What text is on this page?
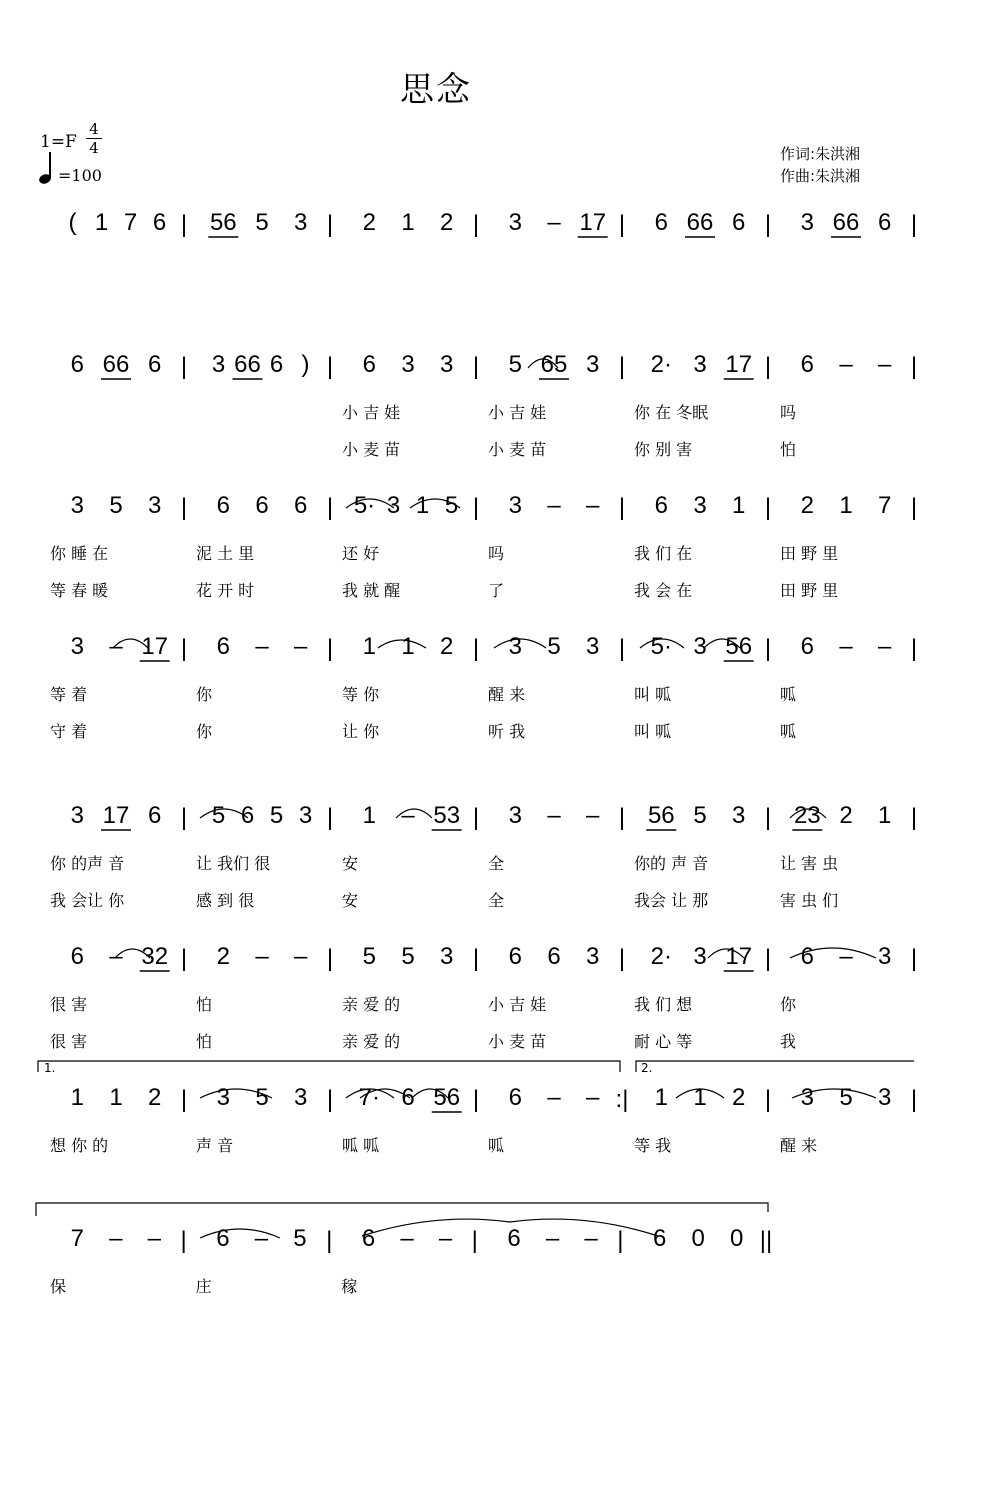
思念
$1=F \frac{4}{4}$
=100
作词:朱洪湘
作曲:朱洪湘
1.	2.
( 1 7 6 | 56 5 3 | 2 1 2 | 3 – 17 | 6 66 6 | 3 66 6 |
6 66 6 | 3 66 6 ) | 6 3 3 | 5 65 3 | 2· 3 17 | 6 – – |
小 吉 娃	小 吉 娃	你 在 冬眠	吗
小 麦 苗	小 麦 苗	你 别 害	怕
3 5 3 | 6 6 6 | 5· 3 1 5 | 3 – – | 6 3 1 | 2 1 7 |
你 睡 在	泥 土 里	还 好	吗	我 们 在	田 野 里
等 春 暖	花 开 时	我 就 醒	了	我 会 在	田 野 里
3 – 17 | 6 – – | 1 1 2 | 3 5 3 | 5· 3 56 | 6 – – |
等 着	你	等 你	醒 来	叫 呱	呱
守 着	你	让 你	听 我	叫 呱	呱
3 17 6 | 5 6 5 3 | 1 – 53 | 3 – – | 56 5 3 | 23 2 1 |
你 的声 音	让 我们 很	安	全	你的 声 音	让 害 虫
我 会让 你	感 到 很	安	全	我会 让 那	害 虫 们
6 – 32 | 2 – – | 5 5 3 | 6 6 3 | 2· 3 17 | 6 – 3 |
很 害	怕	亲 爱 的	小 吉 娃	我 们 想	你
很 害	怕	亲 爱 的	小 麦 苗	耐 心 等	我
1 1 2 | 3 5 3 | 7· 6 56 | 6 – – :| 1 1 2 | 3 5 3 |
想 你 的	声 音	呱 呱	呱	等 我	醒 来
7 – – | 6 – 5 | 6 – – | 6 – – | 6 0 0 ||
保	庄	稼
